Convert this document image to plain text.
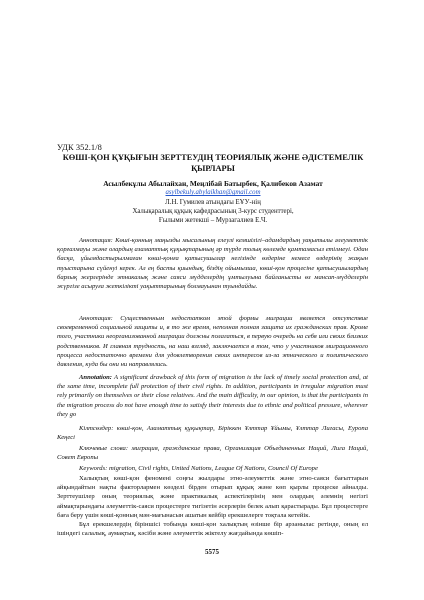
УДК 352.1/8
КӨШІ-ҚОН ҚҰҚЫҒЫН ЗЕРТТЕУДІҢ ТЕОРИЯЛЫҚ ЖӘНЕ ӘДІСТЕМЕЛІК ҚЫРЛАРЫ
Асылбекұлы Абылайхан, Меңлібай Батырбек, Қалибеков Азамат
asylbekuly.abylaikhan@gmail.com
Л.Н. Гумилев атындағы ЕҰУ-нің
Халықаралық құқық кафедрасының 3-курс студенттері,
Ғылыми жетекші – Мурзагалиев Е.Ч.

Аннотация: Көші-қонның маңызды мысалының елеулі кемшілігі–адамдардың уақытылы әлеуметтік қорғалмауы және олардың азаматтық құқықтарының әр түрде толық көлемде қамтамасыз етілмеуі. Одан басқа, ұйымдастырылмаған көші-қонға қатысушылар негізінде өздеріне немесе өздерінің жақын туыстарына сүйенуі керек. Ал ең басты қиындық, біздің ойымызша, көші-қон процесіне қатысушылардың барлық жерлерінде этникалық және саяси мүдделердің ұмтылуына байланысты өз мансап-мүдделерін жүргізе асыруға жеткілікті уақыттарының болмауынан туындайды.

Аннотация: Существенным недостатком этой формы миграции является отсутствие своевременной социальной защиты и, в то же время, неполная полная защита их гражданских прав. Кроме того, участники неорганизованной миграции должны полагаться, в первую очередь на себя или своих близких родственников. И главная трудность, на наш взгляд, заключается в том, что у участников миграционного процесса недостаточно времени для удовлетворения своих интересов из-за этнического и политического давления, куда бы они ни направлялись.

Annotation: A significant drawback of this form of migration is the lack of timely social protection and, at the same time, incomplete full protection of their civil rights. In addition, participants in irregular migration must rely primarily on themselves or their close relatives. And the main difficulty, in our opinion, is that the participants in the migration process do not have enough time to satisfy their interests due to ethnic and political pressure, wherever they go

Кілтсөздер: көші-қон, Азаматтық құқықтар, Біріккен Ұлттар Ұйымы, Ұлттар Лигасы, Еуропа Кеңесі

Ключевые слова: миграция, гражданские права, Организация Объединенных Наций, Лига Наций, Совет Европы

Keywords: migration, Civil rights, United Nations, League Of Nations, Council Of Europe

Халықтың көші-қон феномені соңғы жылдары этно-әлеуметтік және этно-саяси бағыттарын айқындайтын нақты факторлармен көзделі бірден отырып құқық және көп қырлы процеске айналды. Зерттеушілер оның теориялық және практикалық аспектілерінің мен олардың әлемнің негізгі аймақтарындағы әлеуметтік-саяси процестерге тигізетін әсерлерін белек алып қарастырады. Бұл процестерге баға беру үшін көші-қонның мән-мағынасын ашатын кейбір ерекшелерге тоқтала кетейік.

Бұл ерекшелердің біріншісі тобында көші-қон халықтың өзінше бір арзанылас ретінде, оның ел ішіндегі салалық, аумақтық, кәсіби және әлеуметтік жіктелу жағдайында көшіп-

5575
